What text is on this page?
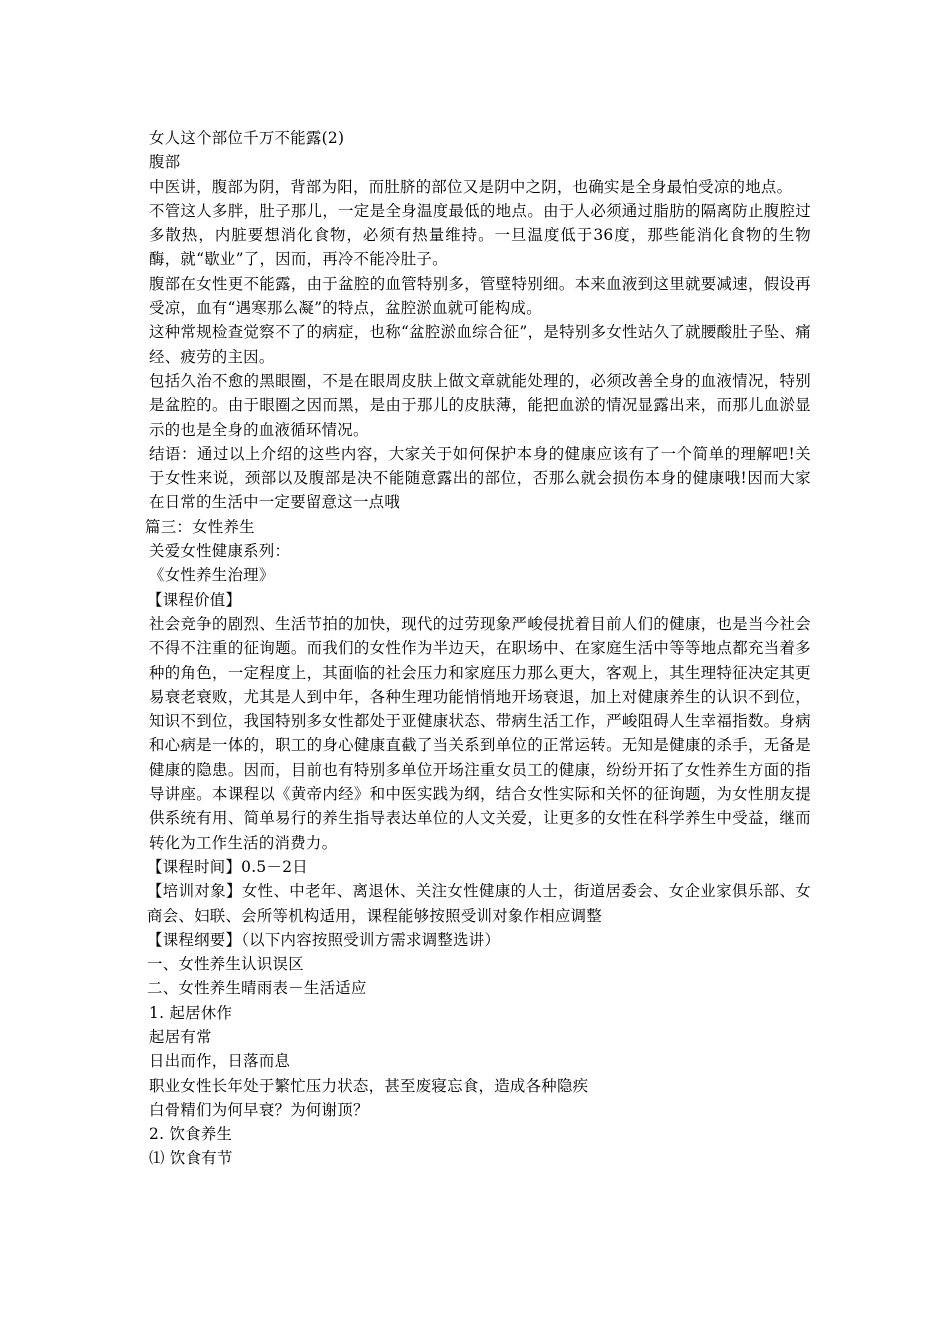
女人这个部位千万不能露(2)

腹部

中医讲，腹部为阴，背部为阳，而肚脐的部位又是阴中之阴，也确实是全身最怕受凉的地点。

不管这人多胖，肚子那儿，一定是全身温度最低的地点。由于人必须通过脂肪的隔离防止腹腔过多散热，内脏要想消化食物，必须有热量维持。一旦温度低于36度，那些能消化食物的生物酶，就“歇业”了，因而，再冷不能冷肚子。

腹部在女性更不能露，由于盆腔的血管特别多，管壁特别细。本来血液到这里就要减速，假设再受凉，血有“遇寒那么凝”的特点，盆腔淤血就可能构成。

这种常规检查觉察不了的病症，也称“盆腔淤血综合征”，是特别多女性站久了就腰酸肚子坠、痛经、疲劳的主因。

包括久治不愈的黑眼圈，不是在眼周皮肤上做文章就能处理的，必须改善全身的血液情况，特别是盆腔的。由于眼圈之因而黑，是由于那儿的皮肤薄，能把血淤的情况显露出来，而那儿血淤显示的也是全身的血液循环情况。

结语：通过以上介绍的这些内容，大家关于如何保护本身的健康应该有了一个简单的理解吧!关于女性来说，颈部以及腹部是决不能随意露出的部位，否那么就会损伤本身的健康哦!因而大家在日常的生活中一定要留意这一点哦

篇三：女性养生

关爱女性健康系列：

《女性养生治理》

【课程价值】

社会竞争的剧烈、生活节拍的加快，现代的过劳现象严峻侵扰着目前人们的健康，也是当今社会不得不注重的征询题。而我们的女性作为半边天，在职场中、在家庭生活中等等地点都充当着多种的角色，一定程度上，其面临的社会压力和家庭压力那么更大，客观上，其生理特征决定其更易衰老衰败，尤其是人到中年，各种生理功能悄悄地开场衰退，加上对健康养生的认识不到位，知识不到位，我国特别多女性都处于亚健康状态、带病生活工作，严峻阻碍人生幸福指数。身病和心病是一体的，职工的身心健康直截了当关系到单位的正常运转。无知是健康的杀手，无备是健康的隐患。因而，目前也有特别多单位开场注重女员工的健康，纷纷开拓了女性养生方面的指导讲座。本课程以《黄帝内经》和中医实践为纲，结合女性实际和关怀的征询题，为女性朋友提供系统有用、简单易行的养生指导表达单位的人文关爱，让更多的女性在科学养生中受益，继而转化为工作生活的消费力。

【课程时间】0.5－2日

【培训对象】女性、中老年、离退休、关注女性健康的人士，街道居委会、女企业家俱乐部、女商会、妇联、会所等机构适用，课程能够按照受训对象作相应调整

【课程纲要】（以下内容按照受训方需求调整选讲）

一、女性养生认识误区

二、女性养生晴雨表－生活适应

1. 起居休作

起居有常

日出而作，日落而息

职业女性长年处于繁忙压力状态，甚至废寝忘食，造成各种隐疾

白骨精们为何早衰？为何谢顶？

2. 饮食养生

⑴ 饮食有节
